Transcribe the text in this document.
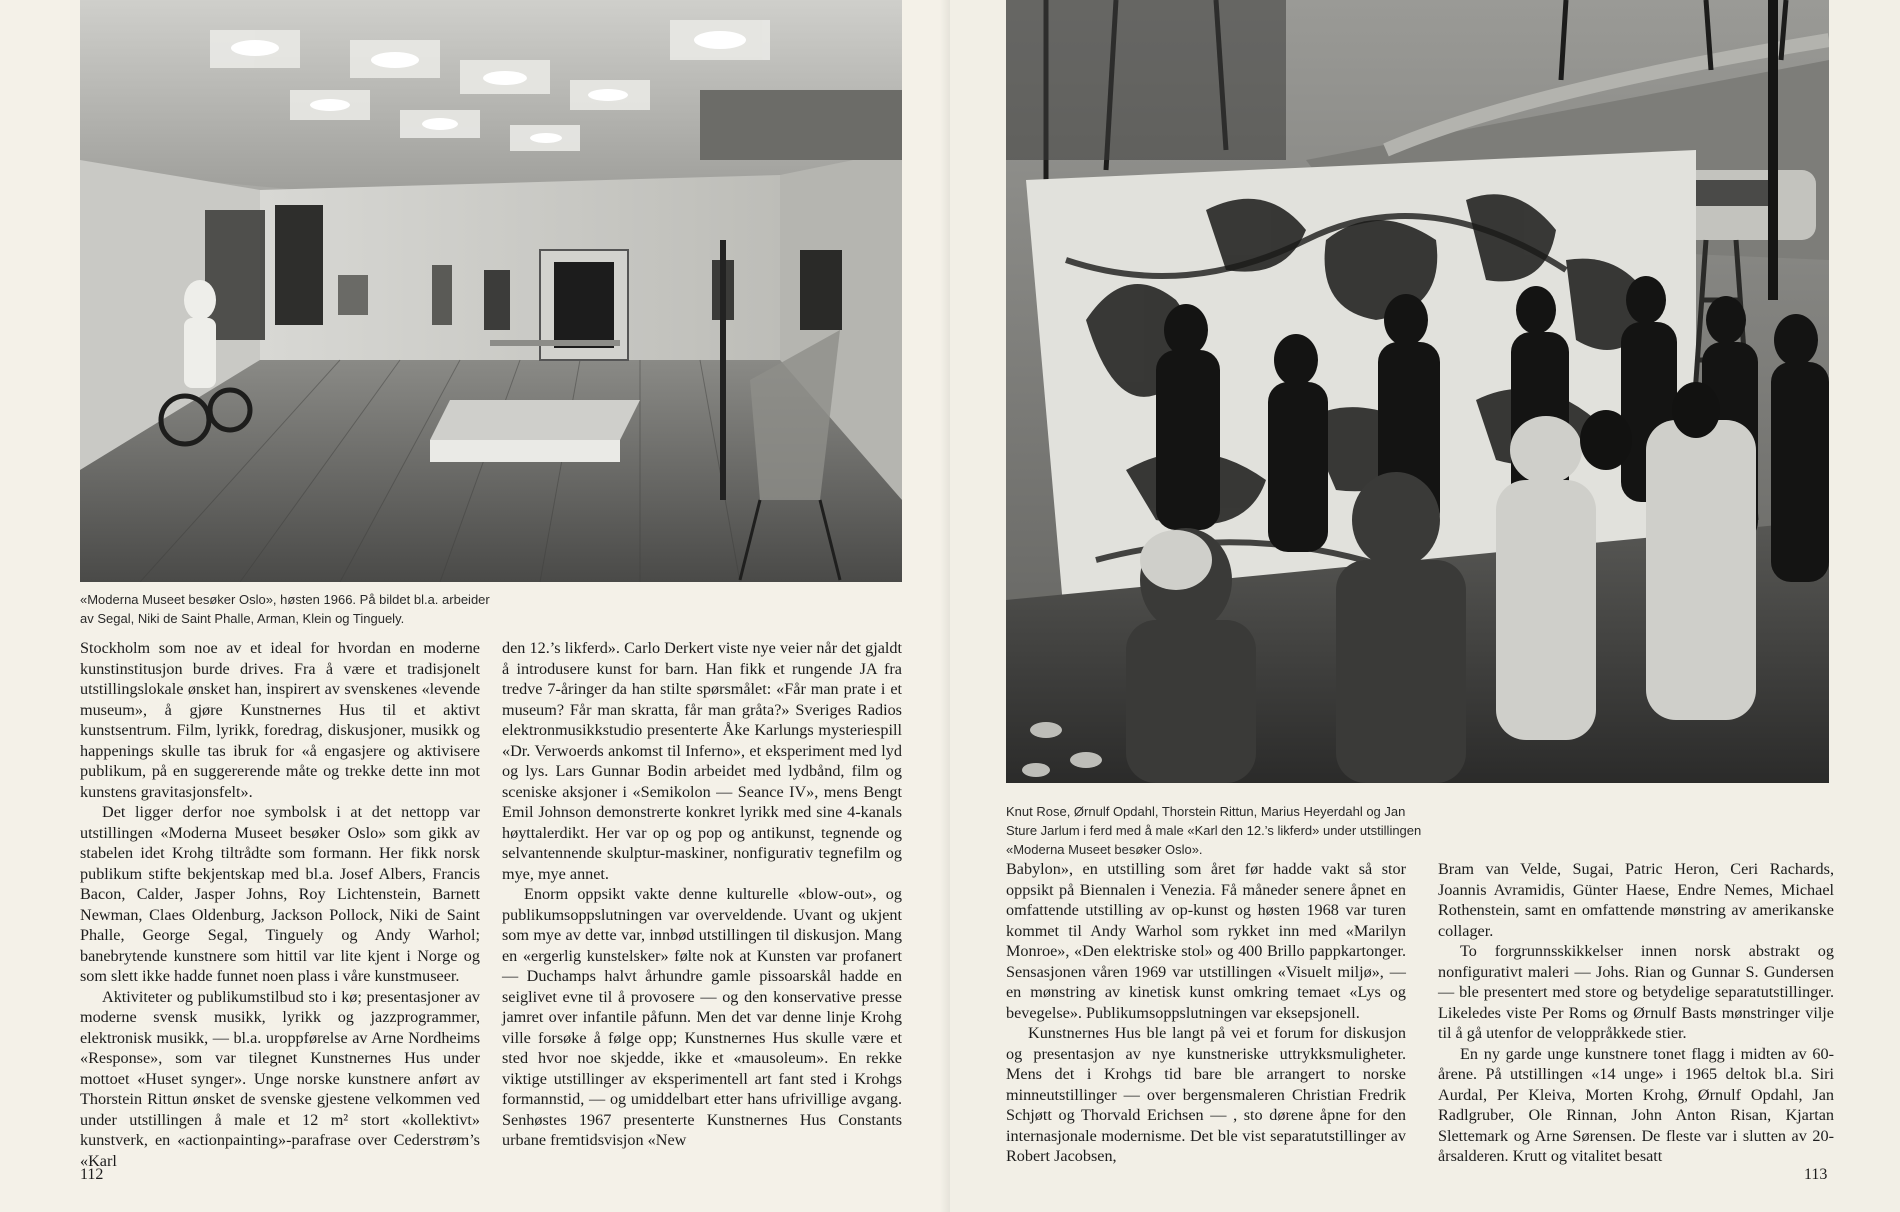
«Moderna Museet besøker Oslo», høsten 1966. På bildet bl.a. arbeider av Segal, Niki de Saint Phalle, Arman, Klein og Tinguely.

Stockholm som noe av et ideal for hvordan en moderne kunstinstitusjon burde drives. Fra å være et tradisjonelt utstillingslokale ønsket han, inspirert av svenskenes «levende museum», å gjøre Kunstnernes Hus til et aktivt kunstsentrum. Film, lyrikk, foredrag, diskusjoner, musikk og happenings skulle tas ibruk for «å engasjere og aktivisere publikum, på en suggererende måte og trekke dette inn mot kunstens gravitasjonsfelt».

Det ligger derfor noe symbolsk i at det nettopp var utstillingen «Moderna Museet besøker Oslo» som gikk av stabelen idet Krohg tiltrådte som formann. Her fikk norsk publikum stifte bekjentskap med bl.a. Josef Albers, Francis Bacon, Calder, Jasper Johns, Roy Lichtenstein, Barnett Newman, Claes Oldenburg, Jackson Pollock, Niki de Saint Phalle, George Segal, Tinguely og Andy Warhol; banebrytende kunstnere som hittil var lite kjent i Norge og som slett ikke hadde funnet noen plass i våre kunstmuseer.

Aktiviteter og publikumstilbud sto i kø; presentasjoner av moderne svensk musikk, lyrikk og jazzprogrammer, elektronisk musikk, — bl.a. uroppførelse av Arne Nordheims «Response», som var tilegnet Kunstnernes Hus under mottoet «Huset synger». Unge norske kunstnere anført av Thorstein Rittun ønsket de svenske gjestene velkommen ved under utstillingen å male et 12 m² stort «kollektivt» kunstverk, en «actionpainting»-parafrase over Cederstrøm’s «Karl

den 12.’s likferd». Carlo Derkert viste nye veier når det gjaldt å introdusere kunst for barn. Han fikk et rungende JA fra tredve 7-åringer da han stilte spørsmålet: «Får man prate i et museum? Får man skratta, får man gråta?» Sveriges Radios elektronmusikkstudio presenterte Åke Karlungs mysteriespill «Dr. Verwoerds ankomst til Inferno», et eksperiment med lyd og lys. Lars Gunnar Bodin arbeidet med lydbånd, film og sceniske aksjoner i «Semikolon — Seance IV», mens Bengt Emil Johnson demonstrerte konkret lyrikk med sine 4-kanals høyttalerdikt. Her var op og pop og antikunst, tegnende og selvantennende skulptur-maskiner, nonfigurativ tegnefilm og mye, mye annet.

Enorm oppsikt vakte denne kulturelle «blow-out», og publikumsoppslutningen var overveldende. Uvant og ukjent som mye av dette var, innbød utstillingen til diskusjon. Mang en «ergerlig kunstelsker» følte nok at Kunsten var profanert — Duchamps halvt århundre gamle pissoarskål hadde en seiglivet evne til å provosere — og den konservative presse jamret over infantile påfunn. Men det var denne linje Krohg ville forsøke å følge opp; Kunstnernes Hus skulle være et sted hvor noe skjedde, ikke et «mausoleum». En rekke viktige utstillinger av eksperimentell art fant sted i Krohgs formannstid, — og umiddelbart etter hans ufrivillige avgang. Senhøstes 1967 presenterte Kunstnernes Hus Constants urbane fremtidsvisjon «New

112
Knut Rose, Ørnulf Opdahl, Thorstein Rittun, Marius Heyerdahl og Jan Sture Jarlum i ferd med å male «Karl den 12.’s likferd» under utstillingen «Moderna Museet besøker Oslo».

Babylon», en utstilling som året før hadde vakt så stor oppsikt på Biennalen i Venezia. Få måneder senere åpnet en omfattende utstilling av op-kunst og høsten 1968 var turen kommet til Andy Warhol som rykket inn med «Marilyn Monroe», «Den elektriske stol» og 400 Brillo pappkartonger. Sensasjonen våren 1969 var utstillingen «Visuelt miljø», — en mønstring av kinetisk kunst omkring temaet «Lys og bevegelse». Publikumsoppslutningen var eksepsjonell.

Kunstnernes Hus ble langt på vei et forum for diskusjon og presentasjon av nye kunstneriske uttrykksmuligheter. Mens det i Krohgs tid bare ble arrangert to norske minneutstillinger — over bergensmaleren Christian Fredrik Schjøtt og Thorvald Erichsen — , sto dørene åpne for den internasjonale modernisme. Det ble vist separatutstillinger av Robert Jacobsen,

Bram van Velde, Sugai, Patric Heron, Ceri Rachards, Joannis Avramidis, Günter Haese, Endre Nemes, Michael Rothenstein, samt en omfattende mønstring av amerikanske collager.

To forgrunnsskikkelser innen norsk abstrakt og nonfigurativt maleri — Johs. Rian og Gunnar S. Gundersen — ble presentert med store og betydelige separatutstillinger. Likeledes viste Per Roms og Ørnulf Basts mønstringer vilje til å gå utenfor de veloppråkkede stier.

En ny garde unge kunstnere tonet flagg i midten av 60-årene. På utstillingen «14 unge» i 1965 deltok bl.a. Siri Aurdal, Per Kleiva, Morten Krohg, Ørnulf Opdahl, Jan Radlgruber, Ole Rinnan, John Anton Risan, Kjartan Slettemark og Arne Sørensen. De fleste var i slutten av 20-årsalderen. Krutt og vitalitet besatt

113
